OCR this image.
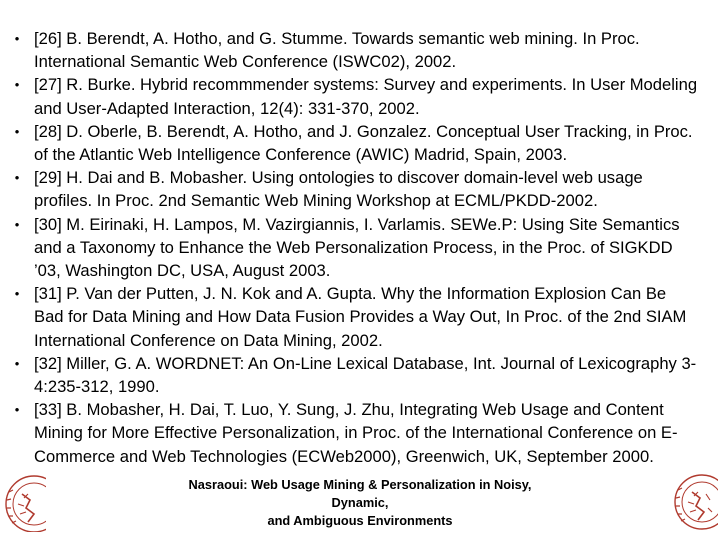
• [26] B. Berendt, A. Hotho, and G. Stumme. Towards semantic web mining. In Proc. International Semantic Web Conference (ISWC02), 2002.
• [27] R. Burke. Hybrid recommmender systems: Survey and experiments. In User Modeling and User-Adapted Interaction, 12(4): 331-370, 2002.
• [28] D. Oberle, B. Berendt, A. Hotho, and J. Gonzalez. Conceptual User Tracking, in Proc. of the Atlantic Web Intelligence Conference (AWIC) Madrid, Spain, 2003.
• [29] H. Dai and B. Mobasher. Using ontologies to discover domain-level web usage profiles. In Proc. 2nd Semantic Web Mining Workshop at ECML/PKDD-2002.
• [30] M. Eirinaki, H. Lampos, M. Vazirgiannis, I. Varlamis. SEWe.P: Using Site Semantics and a Taxonomy to Enhance the Web Personalization Process, in the Proc. of SIGKDD ’03, Washington DC, USA, August 2003.
• [31] P. Van der Putten, J. N. Kok and A. Gupta. Why the Information Explosion Can Be Bad for Data Mining and How Data Fusion Provides a Way Out, In Proc. of the 2nd SIAM International Conference on Data Mining, 2002.
• [32] Miller, G. A. WORDNET: An On-Line Lexical Database, Int. Journal of Lexicography 3-4:235-312, 1990.
• [33] B. Mobasher, H. Dai, T. Luo, Y. Sung, J. Zhu, Integrating Web Usage and Content Mining for More Effective Personalization, in Proc. of the International Conference on E-Commerce and Web Technologies (ECWeb2000), Greenwich, UK, September 2000.
Nasraoui: Web Usage Mining & Personalization in Noisy, Dynamic,
and Ambiguous Environments
